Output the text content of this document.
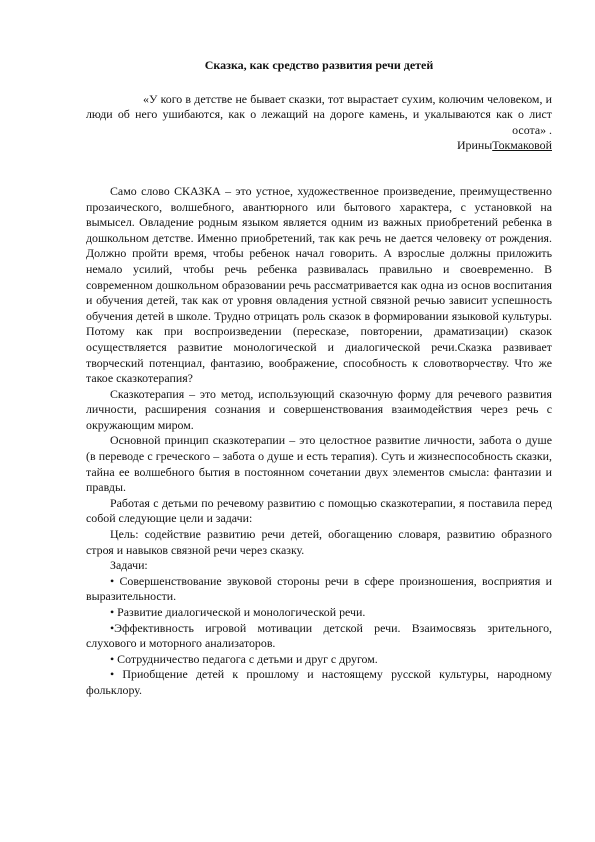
Сказка, как средство развития речи детей
«У кого в детстве не бывает сказки, тот вырастает сухим, колючим человеком, и люди об него ушибаются, как о лежащий на дороге камень, и укалываются как о лист осота» .
ИриныТокмаковой

Само слово СКАЗКА – это устное, художественное произведение, преимущественно прозаического, волшебного, авантюрного или бытового характера, с установкой на вымысел. Овладение родным языком является одним из важных приобретений ребенка в дошкольном детстве. Именно приобретений, так как речь не дается человеку от рождения. Должно пройти время, чтобы ребенок начал говорить. А взрослые должны приложить немало усилий, чтобы речь ребенка развивалась правильно и своевременно. В современном дошкольном образовании речь рассматривается как одна из основ воспитания и обучения детей, так как от уровня овладения устной связной речью зависит успешность обучения детей в школе. Трудно отрицать роль сказок в формировании языковой культуры. Потому как при воспроизведении (пересказе, повторении, драматизации) сказок осуществляется развитие монологической и диалогической речи.Сказка развивает творческий потенциал, фантазию, воображение, способность к словотворчеству. Что же такое сказкотерапия?

Сказкотерапия – это метод, использующий сказочную форму для речевого развития личности, расширения сознания и совершенствования взаимодействия через речь с окружающим миром.

Основной принцип сказкотерапии – это целостное развитие личности, забота о душе (в переводе с греческого – забота о душе и есть терапия). Суть и жизнеспособность сказки, тайна ее волшебного бытия в постоянном сочетании двух элементов смысла: фантазии и правды.

Работая с детьми по речевому развитию с помощью сказкотерапии, я поставила перед собой следующие цели и задачи:

Цель: содействие развитию речи детей, обогащению словаря, развитию образного строя и навыков связной речи через сказку.

Задачи:

• Совершенствование звуковой стороны речи в сфере произношения, восприятия и выразительности.

• Развитие диалогической и монологической речи.

•Эффективность игровой мотивации детской речи. Взаимосвязь зрительного, слухового и моторного анализаторов.

• Сотрудничество педагога с детьми и друг с другом.

• Приобщение детей к прошлому и настоящему русской культуры, народному фольклору.
